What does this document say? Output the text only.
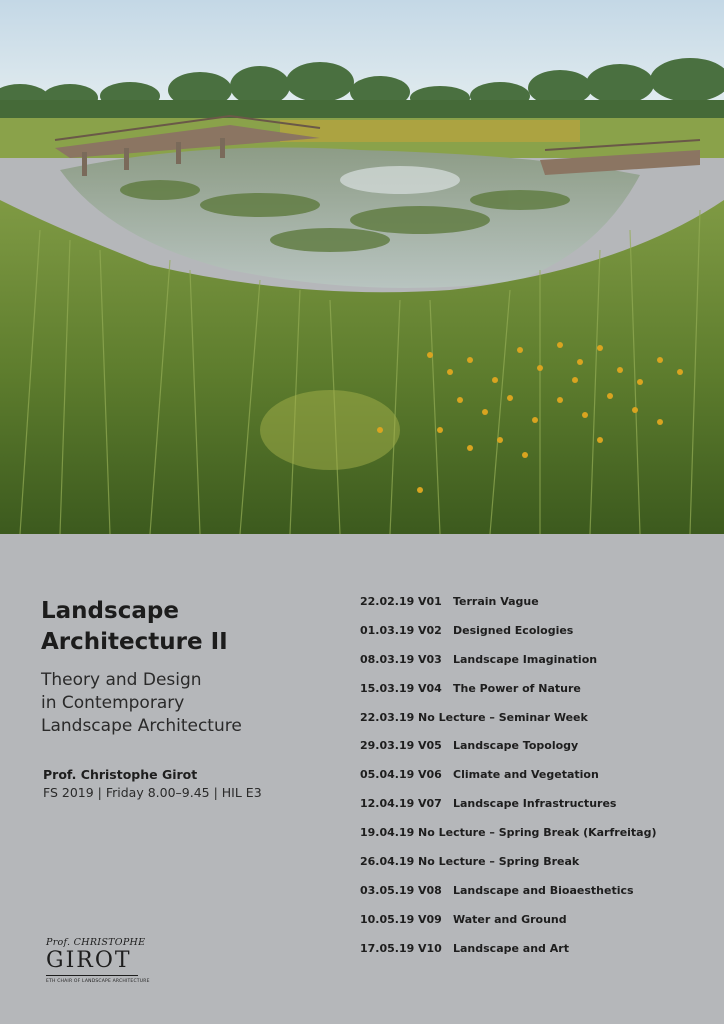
Landscape
Architecture II

Theory and Design
in Contemporary
Landscape Architecture

Prof. Christophe Girot
FS 2019 | Friday 8.00–9.45 | HIL E3
22.02.19 V01	Terrain Vague
01.03.19 V02	Designed Ecologies
08.03.19 V03	Landscape Imagination
15.03.19 V04	The Power of Nature
22.03.19 No Lecture – Seminar Week
29.03.19 V05	Landscape Topology
05.04.19 V06	Climate and Vegetation
12.04.19 V07	Landscape Infrastructures
19.04.19 No Lecture – Spring Break (Karfreitag)
26.04.19 No Lecture – Spring Break
03.05.19 V08	Landscape and Bioaesthetics
10.05.19 V09	Water and Ground
17.05.19 V10	Landscape and Art
Prof. CHRISTOPHE
GIROT
ETH CHAIR OF LANDSCAPE ARCHITECTURE
